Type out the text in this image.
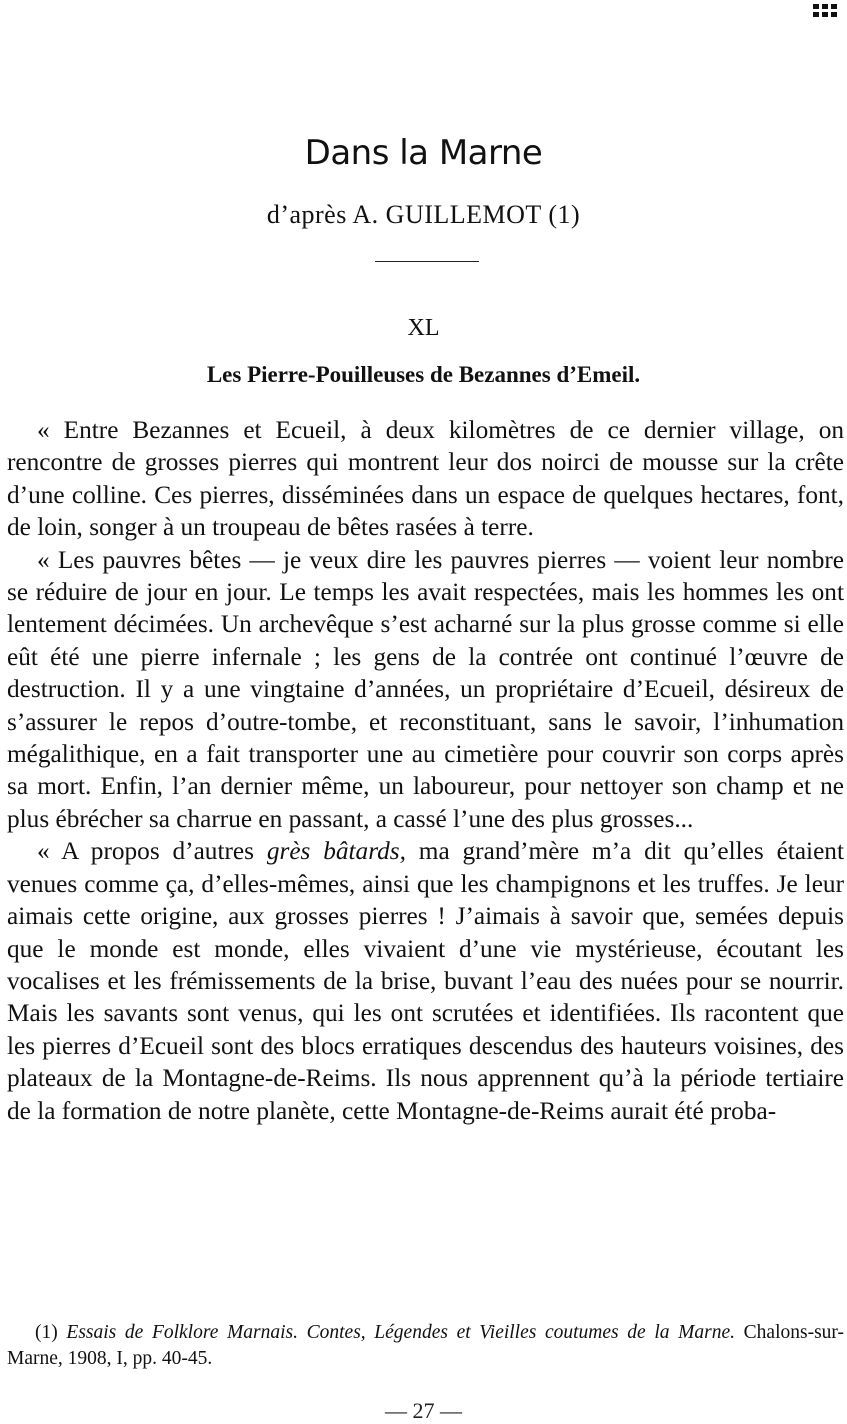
Dans la Marne
d’après A. GUILLEMOT (1)
XL
Les Pierre-Pouilleuses de Bezannes d’Emeil.

« Entre Bezannes et Ecueil, à deux kilomètres de ce dernier village, on rencontre de grosses pierres qui montrent leur dos noirci de mousse sur la crête d’une colline. Ces pierres, disséminées dans un espace de quelques hectares, font, de loin, songer à un troupeau de bêtes rasées à terre.

« Les pauvres bêtes — je veux dire les pauvres pierres — voient leur nombre se réduire de jour en jour. Le temps les avait respectées, mais les hommes les ont lentement décimées. Un archevêque s’est acharné sur la plus grosse comme si elle eût été une pierre infernale ; les gens de la contrée ont continué l’œuvre de destruction. Il y a une vingtaine d’années, un propriétaire d’Ecueil, désireux de s’assurer le repos d’outre-tombe, et reconstituant, sans le savoir, l’inhumation mégalithique, en a fait transporter une au cimetière pour couvrir son corps après sa mort. Enfin, l’an dernier même, un laboureur, pour nettoyer son champ et ne plus ébrécher sa charrue en passant, a cassé l’une des plus grosses...

« A propos d’autres grès bâtards, ma grand’mère m’a dit qu’elles étaient venues comme ça, d’elles-mêmes, ainsi que les champignons et les truffes. Je leur aimais cette origine, aux grosses pierres ! J’aimais à savoir que, semées depuis que le monde est monde, elles vivaient d’une vie mystérieuse, écoutant les vocalises et les frémissements de la brise, buvant l’eau des nuées pour se nourrir. Mais les savants sont venus, qui les ont scrutées et identifiées. Ils racontent que les pierres d’Ecueil sont des blocs erratiques descendus des hauteurs voisines, des plateaux de la Montagne-de-Reims. Ils nous apprennent qu’à la période tertiaire de la formation de notre planète, cette Montagne-de-Reims aurait été proba-

(1) Essais de Folklore Marnais. Contes, Légendes et Vieilles coutumes de la Marne. Chalons-sur-Marne, 1908, I, pp. 40-45.
— 27 —
